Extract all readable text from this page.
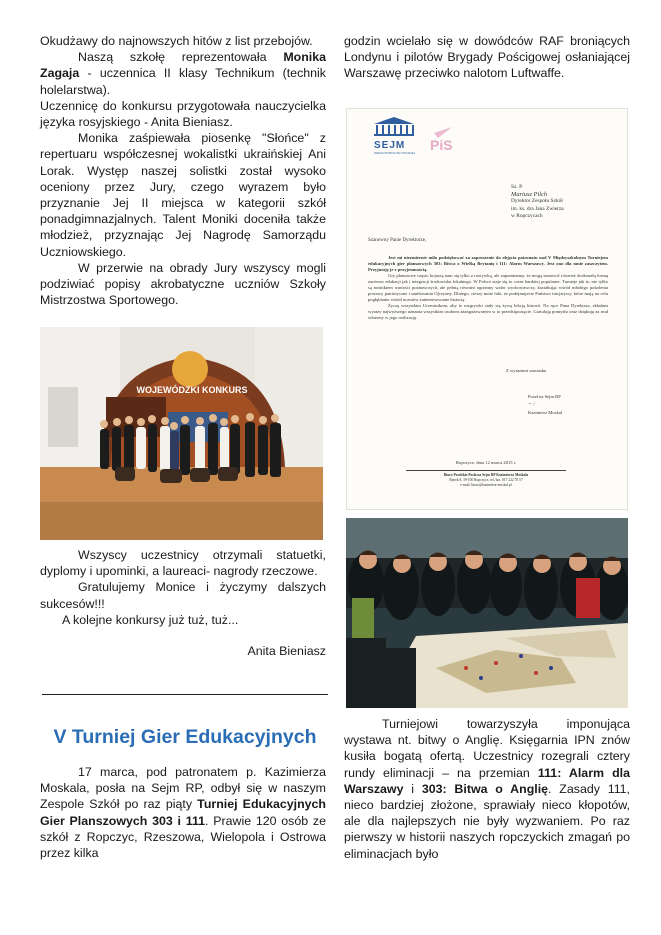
Okudżawy do najnowszych hitów z list przebojów.

Naszą szkołę reprezentowała Monika Zagaja - uczennica II klasy Technikum (technik holelarstwa).

Uczennicę do konkursu przygotowała nauczycielka języka rosyjskiego - Anita Bieniasz.

Monika zaśpiewała piosenkę "Słońce" z repertuaru współczesnej wokalistki ukraińskiej Ani Lorak. Występ naszej solistki został wysoko oceniony przez Jury, czego wyrazem było przyznanie Jej II miejsca w kategorii szkół ponadgimnazjalnych. Talent Moniki doceniła także młodzież, przyznając Jej Nagrodę Samorządu Uczniowskiego.

W przerwie na obrady Jury wszyscy mogli podziwiać popisy akrobatyczne uczniów Szkoły Mistrzostwa Sportowego.

WOJEWÓDZKI KONKURS

Wszyscy uczestnicy otrzymali statuetki, dyplomy i upominki, a laureaci- nagrody rzeczowe.

Gratulujemy Monice i życzymy dalszych sukcesów!!!

A kolejne konkursy już tuż, tuż...

Anita Bieniasz

V Turniej Gier Edukacyjnych

17 marca, pod patronatem p. Kazimierza Moskala, posła na Sejm RP, odbył się w naszym Zespole Szkół po raz piąty Turniej Edukacyjnych Gier Planszowych 303 i 111. Prawie 120 osób ze szkół z Ropczyc, Rzeszowa, Wielopola i Ostrowa przez kilka

godzin wcielało się w dowódców RAF broniących Londynu i pilotów Brygady Pościgowej osłaniającej Warszawę przeciwko nalotom Luftwaffe.

SEJM
RZECZYPOSPOLITEJ POLSKIEJ
PiS
Sz. P.
Mariusz Pilch
Dyrektor Zespołu Szkół
im. ks. dra Jana Zwierza
w Ropczycach
Szanowny Panie Dyrektorze,
Jest mi niezmiernie miło podziękować za zaproszenie do objęcia patronatu nad V Międzyszkolnym Turniejem edukacyjnych gier planszowych 303: Bitwa o Wielką Brytanię i 111: Alarm Warszawy. Jest ono dla mnie zaszczytem. Przyjmuję je z przyjemnością.
Gry planszowe często kojarzą nam się tylko z rozrywką, ale zapominamy, że mogą stanowić również doskonałą formę zarówno edukacji jak i integracji środowiska lokalnego. W Polsce staje się to coraz bardziej popularne. Turnieje jak te, nie tylko są nośnikiem wartości poznawczych, ale pełnią również ogromny walor wychowawczy, kształtując wśród młodego pokolenia postawy patriotyczne i umiłowania Ojczyzny. Dlatego, cieszy mnie fakt, że podejmujecie Państwo inicjatywy, które mają na celu pogłębianie wśród uczniów zainteresowanie historią.
Życzę wszystkim Uczestnikom, aby te rozgrywki stały się żywą lekcją historii. Na ręce Pana Dyrektora, składam wyrazy najwyższego uznania wszystkim osobom zaangażowanym w to przedsięwzięcie. Gratuluję pomysłu oraz dziękuję za trud włożony w jego realizację.
Z wyrazami szacunku
Poseł na Sejm RP
~ /
Kazimierz Moskal
Ropczyce, dnia 12 marca 2015 r.
Biuro Poselskie Posła na Sejm RP Kazimierza Moskala
Rynek 8, 39-100 Ropczyce, tel./fax. 017 222 70 57
e-mail: biuro@kazimierz-moskal.pl

Turniejowi towarzyszyła imponująca wystawa nt. bitwy o Anglię. Księgarnia IPN znów kusiła bogatą ofertą. Uczestnicy rozegrali cztery rundy eliminacji – na przemian 111: Alarm dla Warszawy i 303: Bitwa o Anglię. Zasady 111, nieco bardziej złożone, sprawiały nieco kłopotów, ale dla najlepszych nie były wyzwaniem. Po raz pierwszy w historii naszych ropczyckich zmagań po eliminacjach było
